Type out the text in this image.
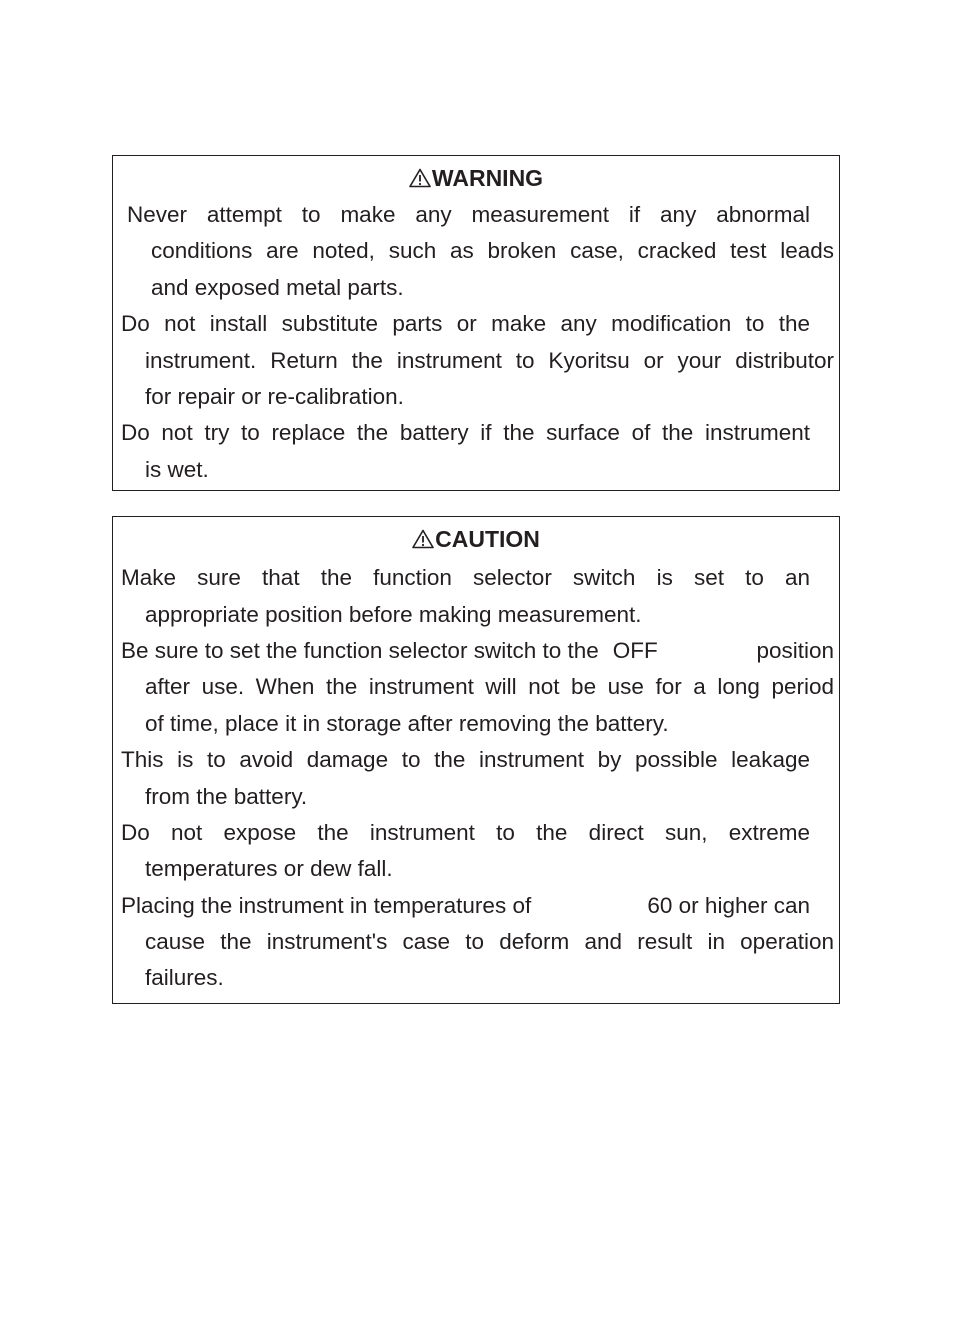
WARNING
Never attempt to make any measurement if any abnormal
conditions are noted, such as broken case, cracked test leads
and exposed metal parts.
Do not install substitute parts or make any modification to the
instrument. Return the instrument to Kyoritsu or your distributor
for repair or re-calibration.
Do not try to replace the battery if the surface of the instrument
is wet.
CAUTION
Make sure that the function selector switch is set to an
appropriate position before making measurement.
Be sure to set the function selector switch to the OFF	position
after use. When the instrument will not be use for a long period
of time, place it in storage after removing the battery.
This is to avoid damage to the instrument by possible leakage
from the battery.
Do not expose the instrument to the direct sun, extreme
temperatures or dew fall.
Placing the instrument in temperatures of	60 or higher can
cause the instrument's case to deform and result in operation
failures.
